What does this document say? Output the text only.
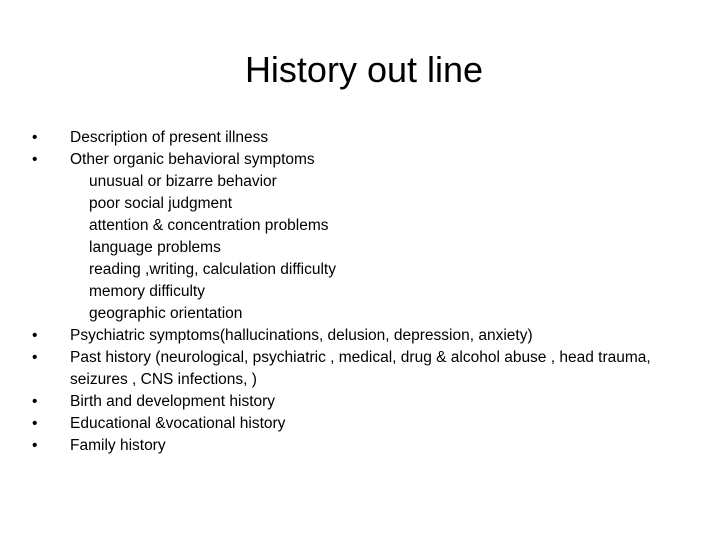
History out line
•	Description of present illness
•	Other organic behavioral symptoms
unusual or bizarre behavior
poor social judgment
attention & concentration problems
language problems
reading ,writing, calculation difficulty
memory difficulty
geographic orientation
•	Psychiatric symptoms(hallucinations, delusion, depression, anxiety)
•	Past history (neurological, psychiatric , medical, drug & alcohol abuse , head trauma, seizures , CNS infections, )
•	Birth and development history
•	Educational &vocational history
•	Family history
